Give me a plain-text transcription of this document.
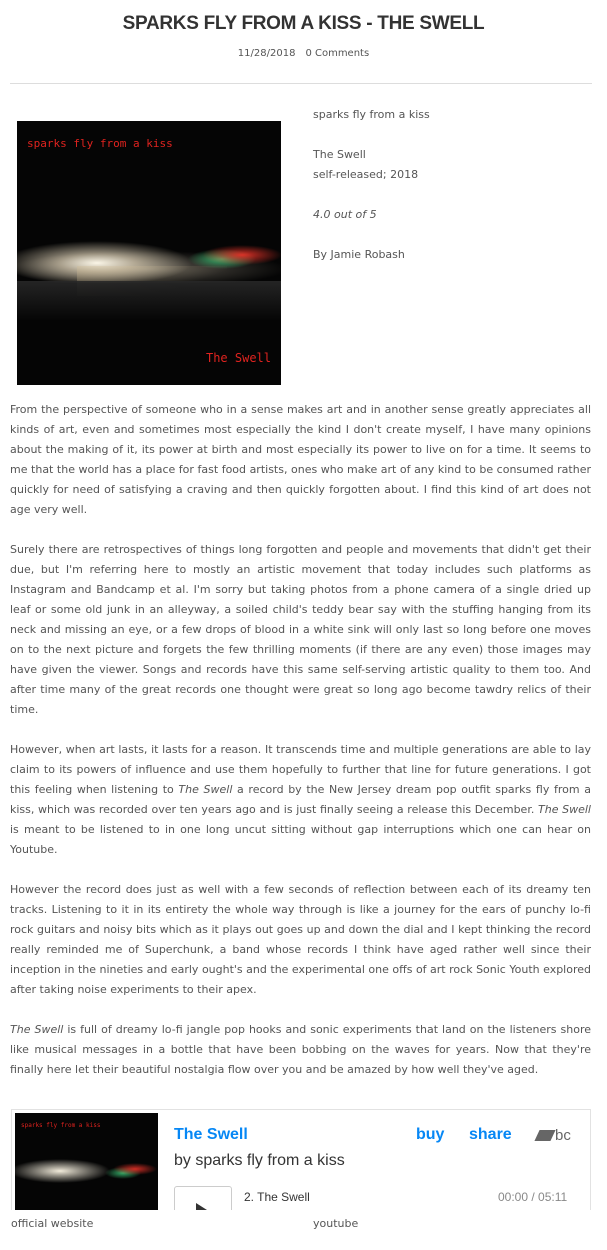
SPARKS FLY FROM A KISS - THE SWELL
11/28/2018 0 Comments
sparks fly from a kiss
The Swell
sparks fly from a kiss
The Swell
self-released; 2018
4.0 out of 5
By Jamie Robash

From the perspective of someone who in a sense makes art and in another sense greatly appreciates all kinds of art, even and sometimes most especially the kind I don't create myself, I have many opinions about the making of it, its power at birth and most especially its power to live on for a time. It seems to me that the world has a place for fast food artists, ones who make art of any kind to be consumed rather quickly for need of satisfying a craving and then quickly forgotten about. I find this kind of art does not age very well.

Surely there are retrospectives of things long forgotten and people and movements that didn't get their due, but I'm referring here to mostly an artistic movement that today includes such platforms as Instagram and Bandcamp et al. I'm sorry but taking photos from a phone camera of a single dried up leaf or some old junk in an alleyway, a soiled child's teddy bear say with the stuffing hanging from its neck and missing an eye, or a few drops of blood in a white sink will only last so long before one moves on to the next picture and forgets the few thrilling moments (if there are any even) those images may have given the viewer. Songs and records have this same self-serving artistic quality to them too. And after time many of the great records one thought were great so long ago become tawdry relics of their time.

However, when art lasts, it lasts for a reason. It transcends time and multiple generations are able to lay claim to its powers of influence and use them hopefully to further that line for future generations. I got this feeling when listening to The Swell a record by the New Jersey dream pop outfit sparks fly from a kiss, which was recorded over ten years ago and is just finally seeing a release this December. The Swell is meant to be listened to in one long uncut sitting without gap interruptions which one can hear on Youtube.

However the record does just as well with a few seconds of reflection between each of its dreamy ten tracks. Listening to it in its entirety the whole way through is like a journey for the ears of punchy lo-fi rock guitars and noisy bits which as it plays out goes up and down the dial and I kept thinking the record really reminded me of Superchunk, a band whose records I think have aged rather well since their inception in the nineties and early ought's and the experimental one offs of art rock Sonic Youth explored after taking noise experiments to their apex.

The Swell is full of dreamy lo-fi jangle pop hooks and sonic experiments that land on the listeners shore like musical messages in a bottle that have been bobbing on the waves for years. Now that they're finally here let their beautiful nostalgia flow over you and be amazed by how well they've aged.

sparks fly from a kiss
The Swell	buy share	bc
by sparks fly from a kiss
2. The Swell	00:00 / 05:11
official website	youtube
